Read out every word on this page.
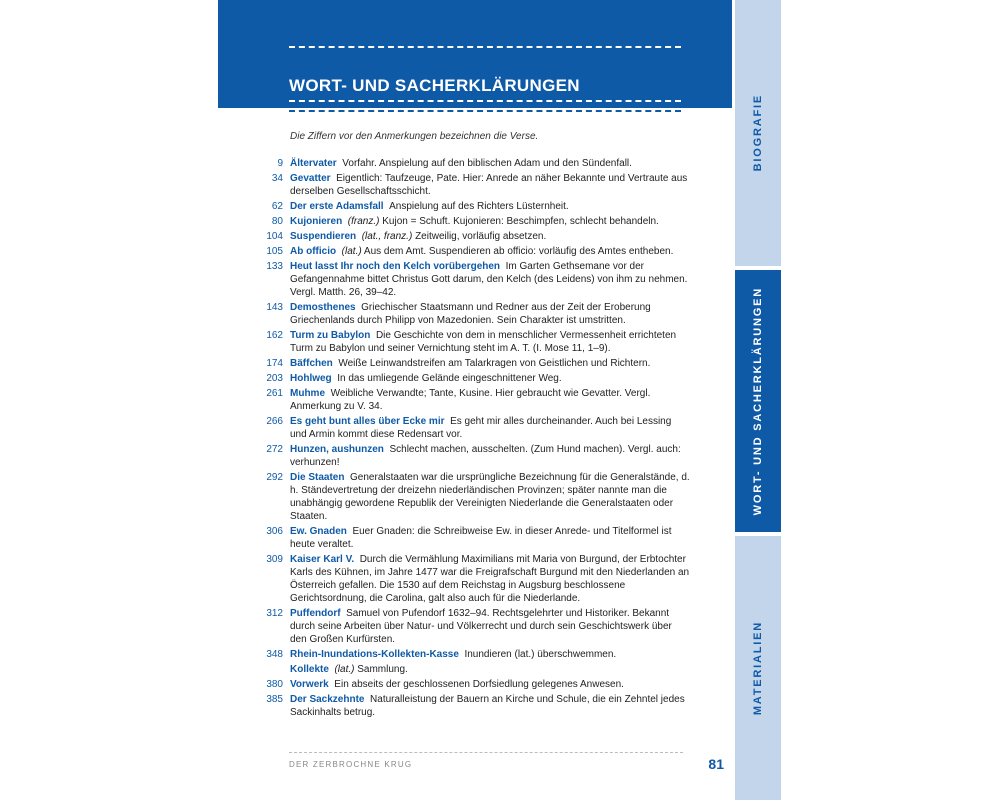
WORT- UND SACHERKLÄRUNGEN
Die Ziffern vor den Anmerkungen bezeichnen die Verse.
9 Ältervater Vorfahr. Anspielung auf den biblischen Adam und den Sündenfall.
34 Gevatter Eigentlich: Taufzeuge, Pate. Hier: Anrede an näher Bekannte und Vertraute aus derselben Gesellschaftsschicht.
62 Der erste Adamsfall Anspielung auf des Richters Lüsternheit.
80 Kujonieren (franz.) Kujon = Schuft. Kujonieren: Beschimpfen, schlecht behandeln.
104 Suspendieren (lat., franz.) Zeitweilig, vorläufig absetzen.
105 Ab officio (lat.) Aus dem Amt. Suspendieren ab officio: vorläufig des Amtes entheben.
133 Heut lasst Ihr noch den Kelch vorübergehen Im Garten Gethsemane vor der Gefangennahme bittet Christus Gott darum, den Kelch (des Leidens) von ihm zu nehmen. Vergl. Matth. 26, 39–42.
143 Demosthenes Griechischer Staatsmann und Redner aus der Zeit der Eroberung Griechenlands durch Philipp von Mazedonien. Sein Charakter ist umstritten.
162 Turm zu Babylon Die Geschichte von dem in menschlicher Vermessenheit errichteten Turm zu Babylon und seiner Vernichtung steht im A. T. (I. Mose 11, 1–9).
174 Bäffchen Weiße Leinwandstreifen am Talarkragen von Geistlichen und Richtern.
203 Hohlweg In das umliegende Gelände eingeschnittener Weg.
261 Muhme Weibliche Verwandte; Tante, Kusine. Hier gebraucht wie Gevatter. Vergl. Anmerkung zu V. 34.
266 Es geht bunt alles über Ecke mir Es geht mir alles durcheinander. Auch bei Lessing und Armin kommt diese Redensart vor.
272 Hunzen, aushunzen Schlecht machen, ausschelten. (Zum Hund machen). Vergl. auch: verhunzen!
292 Die Staaten Generalstaaten war die ursprüngliche Bezeichnung für die Generalstände, d. h. Ständevertretung der dreizehn niederländischen Provinzen; später nannte man die unabhängig gewordene Republik der Vereinigten Niederlande die Generalstaaten oder Staaten.
306 Ew. Gnaden Euer Gnaden: die Schreibweise Ew. in dieser Anrede- und Titelformel ist heute veraltet.
309 Kaiser Karl V. Durch die Vermählung Maximilians mit Maria von Burgund, der Erbtochter Karls des Kühnen, im Jahre 1477 war die Freigrafschaft Burgund mit den Niederlanden an Österreich gefallen. Die 1530 auf dem Reichstag in Augsburg beschlossene Gerichtsordnung, die Carolina, galt also auch für die Niederlande.
312 Puffendorf Samuel von Pufendorf 1632–94. Rechtsgelehrter und Historiker. Bekannt durch seine Arbeiten über Natur- und Völkerrecht und durch sein Geschichtswerk über den Großen Kurfürsten.
348 Rhein-Inundations-Kollekten-Kasse Inundieren (lat.) überschwemmen.
Kollekte (lat.) Sammlung.
380 Vorwerk Ein abseits der geschlossenen Dorfsiedlung gelegenes Anwesen.
385 Der Sackzehnte Naturalleistung der Bauern an Kirche und Schule, die ein Zehntel jedes Sackinhalts betrug.
DER ZERBROCHNE KRUG	81
BIOGRAFIE
WORT- UND SACHERKLÄRUNGEN
MATERIALIEN
